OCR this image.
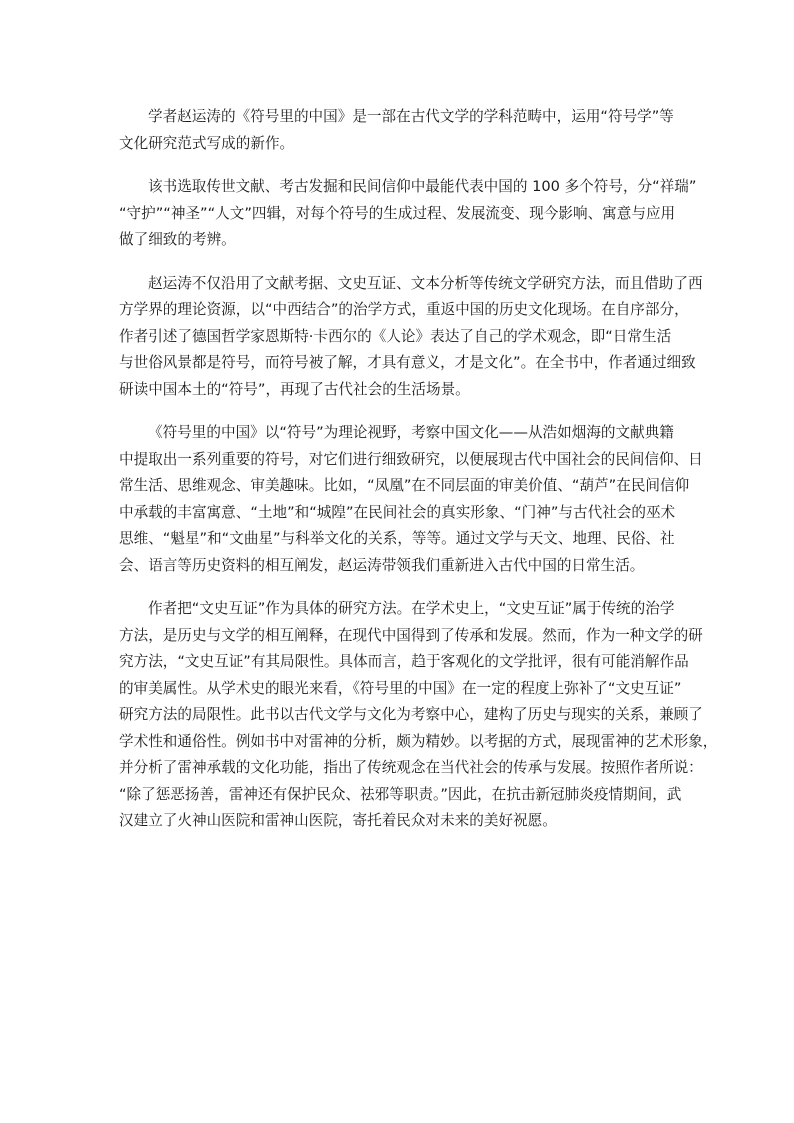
学者赵运涛的《符号里的中国》是一部在古代文学的学科范畴中，运用“符号学”等
文化研究范式写成的新作。
该书选取传世文献、考古发掘和民间信仰中最能代表中国的 100 多个符号，分“祥瑞”
“守护”“神圣”“人文”四辑，对每个符号的生成过程、发展流变、现今影响、寓意与应用
做了细致的考辨。
赵运涛不仅沿用了文献考据、文史互证、文本分析等传统文学研究方法，而且借助了西
方学界的理论资源，以“中西结合”的治学方式，重返中国的历史文化现场。在自序部分，
作者引述了德国哲学家恩斯特·卡西尔的《人论》表达了自己的学术观念，即“日常生活
与世俗风景都是符号，而符号被了解，才具有意义，才是文化”。在全书中，作者通过细致
研读中国本土的“符号”，再现了古代社会的生活场景。
《符号里的中国》以“符号”为理论视野，考察中国文化——从浩如烟海的文献典籍
中提取出一系列重要的符号，对它们进行细致研究，以便展现古代中国社会的民间信仰、日
常生活、思维观念、审美趣味。比如，“凤凰”在不同层面的审美价值、“葫芦”在民间信仰
中承载的丰富寓意、“土地”和“城隍”在民间社会的真实形象、“门神”与古代社会的巫术
思维、“魁星”和“文曲星”与科举文化的关系，等等。通过文学与天文、地理、民俗、社
会、语言等历史资料的相互阐发，赵运涛带领我们重新进入古代中国的日常生活。
作者把“文史互证”作为具体的研究方法。在学术史上，“文史互证”属于传统的治学
方法，是历史与文学的相互阐释，在现代中国得到了传承和发展。然而，作为一种文学的研
究方法，“文史互证”有其局限性。具体而言，趋于客观化的文学批评，很有可能消解作品
的审美属性。从学术史的眼光来看，《符号里的中国》在一定的程度上弥补了“文史互证”
研究方法的局限性。此书以古代文学与文化为考察中心，建构了历史与现实的关系，兼顾了
学术性和通俗性。例如书中对雷神的分析，颇为精妙。以考据的方式，展现雷神的艺术形象，
并分析了雷神承载的文化功能，指出了传统观念在当代社会的传承与发展。按照作者所说：
“除了惩恶扬善，雷神还有保护民众、祛邪等职责。”因此，在抗击新冠肺炎疫情期间，武
汉建立了火神山医院和雷神山医院，寄托着民众对未来的美好祝愿。
